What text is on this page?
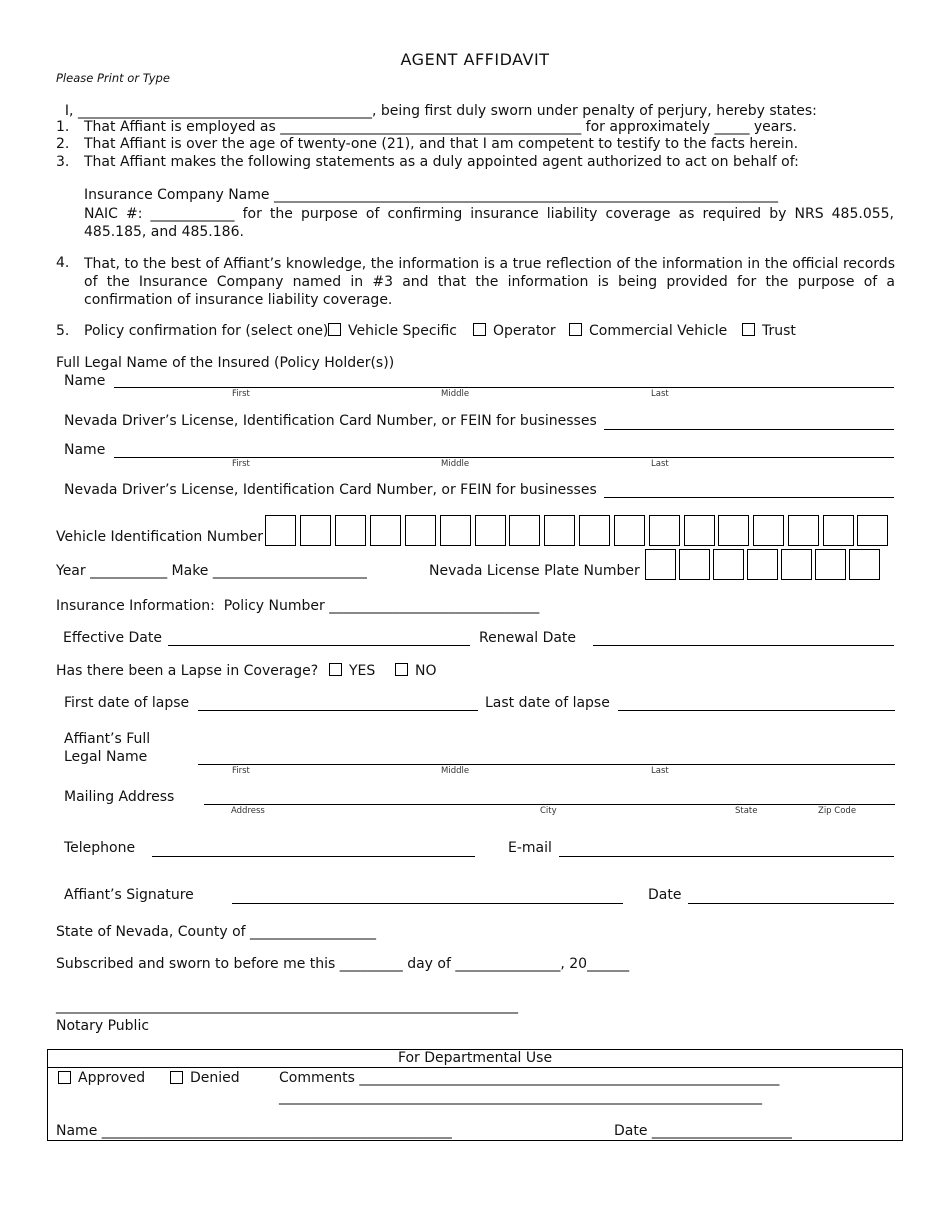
AGENT AFFIDAVIT
Please Print or Type

I, __________________________________________, being first duly sworn under penalty of perjury, hereby states:

1. That Affiant is employed as ___________________________________________ for approximately _____ years.
2. That Affiant is over the age of twenty-one (21), and that I am competent to testify to the facts herein.
3. That Affiant makes the following statements as a duly appointed agent authorized to act on behalf of:
Insurance Company Name ________________________________________________________________________
NAIC #: ____________ for the purpose of confirming insurance liability coverage as required by NRS 485.055, 485.185, and 485.186.
4. That, to the best of Affiant’s knowledge, the information is a true reflection of the information in the official records of the Insurance Company named in #3 and that the information is being provided for the purpose of a confirmation of insurance liability coverage.
5. Policy confirmation for (select one) Vehicle Specific	Operator Commercial Vehicle Trust
Full Legal Name of the Insured (Policy Holder(s))
Name
First	Middle	Last
Nevada Driver’s License, Identification Card Number, or FEIN for businesses
Name
First	Middle	Last
Nevada Driver’s License, Identification Card Number, or FEIN for businesses
Vehicle Identification Number
Year ___________ Make ______________________	Nevada License Plate Number
Insurance Information:  Policy Number ______________________________
Effective Date	Renewal Date
Has there been a Lapse in Coverage? YES	NO
First date of lapse	Last date of lapse
Affiant’s Full
Legal Name
First	Middle	Last
Mailing Address
Address	City	State	Zip Code
Telephone	E-mail
Affiant’s Signature	Date
State of Nevada, County of __________________
Subscribed and sworn to before me this _________ day of _______________, 20______
__________________________________________________________________
Notary Public
For Departmental Use
Approved	Denied	Comments ____________________________________________________________
_____________________________________________________________________
Name __________________________________________________	Date ____________________
